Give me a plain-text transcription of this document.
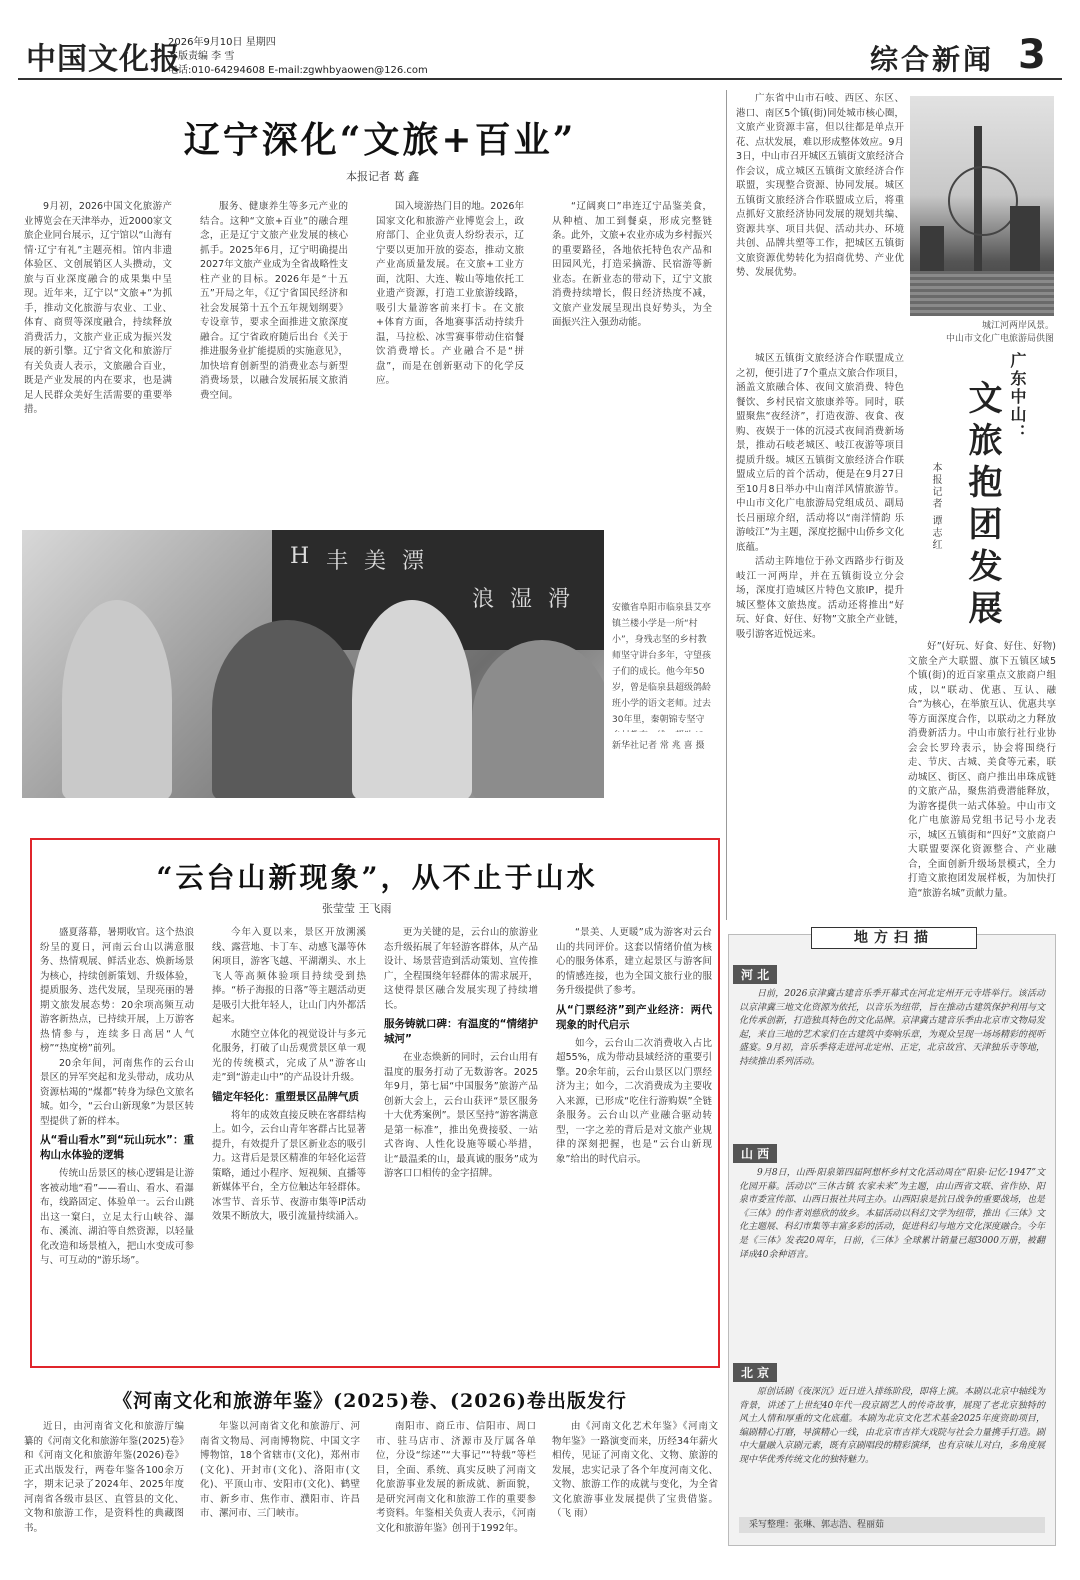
中国文化报
2026年9月10日 星期四
本版责编 李 雪
电话:010-64294608 E-mail:zgwhbyaowen@126.com	综合新闻 3
辽宁深化“文旅+百业”
本报记者 葛 鑫

9月初，2026中国文化旅游产业博览会在天津举办，近2000家文旅企业同台展示，辽宁馆以“山海有情·辽宁有礼”主题亮相。馆内非遗体验区、文创展销区人头攒动，文旅与百业深度融合的成果集中呈现。近年来，辽宁以“文旅+”为抓手，推动文化旅游与农业、工业、体育、商贸等深度融合，持续释放消费活力，文旅产业正成为振兴发展的新引擎。辽宁省文化和旅游厅有关负责人表示，文旅融合百业，既是产业发展的内在要求，也是满足人民群众美好生活需要的重要举措。

服务、健康养生等多元产业的结合。这种“文旅+百业”的融合理念，正是辽宁文旅产业发展的核心抓手。2025年6月，辽宁明确提出2027年文旅产业成为全省战略性支柱产业的目标。2026年是“十五五”开局之年，《辽宁省国民经济和社会发展第十五个五年规划纲要》专设章节，要求全面推进文旅深度融合。辽宁省政府随后出台《关于推进服务业扩能提质的实施意见》，加快培育创新型的消费业态与新型消费场景，以融合发展拓展文旅消费空间。

国入境游热门目的地。2026年国家文化和旅游产业博览会上，政府部门、企业负责人纷纷表示，辽宁要以更加开放的姿态，推动文旅产业高质量发展。在文旅+工业方面，沈阳、大连、鞍山等地依托工业遗产资源，打造工业旅游线路，吸引大量游客前来打卡。在文旅+体育方面，各地赛事活动持续升温，马拉松、冰雪赛事带动住宿餐饮消费增长。产业融合不是“拼盘”，而是在创新驱动下的化学反应。

“辽阔爽口”串连辽宁品鉴美食，从种植、加工到餐桌，形成完整链条。此外，文旅+农业亦成为乡村振兴的重要路径，各地依托特色农产品和田园风光，打造采摘游、民宿游等新业态。在新业态的带动下，辽宁文旅消费持续增长，假日经济热度不减，文旅产业发展呈现出良好势头，为全面振兴注入强劲动能。

H 丰 美 漂
浪 湿 滑	安徽省阜阳市临泉县艾亭镇兰楼小学是一所“村小”，身残志坚的乡村教师坚守讲台多年，守望孩子们的成长。他今年50岁，曾是临泉县超级鸽龄班小学的语文老师。过去30年里，秦朝锦专坚守
新华社记者 常 兆 喜 摄
“云台山新现象”，从不止于山水
张莹莹 王飞雨

盛夏落幕，暑期收官。这个热浪纷呈的夏日，河南云台山以满意服务、热情观展、鲜活业态、焕新场景为核心，持续创新策划、升级体验，提质服务、迭代发展，呈现亮丽的暑期文旅发展态势：20余项高频互动游客新热点，已持续开展，上万游客热情参与，连续多日高居“人气榜”“热度榜”前列。

20余年间，河南焦作的云台山景区的异军突起和龙头带动，成功从资源枯竭的“煤都”转身为绿色文旅名城。如今，“云台山新现象”为景区转型提供了新的样本。

从“看山看水”到“玩山玩水”：重构山水体验的逻辑

传统山岳景区的核心逻辑是让游客被动地“看”——看山、看水、看瀑布，线路固定、体验单一。云台山跳出这一窠臼，立足太行山峡谷、瀑布、溪流、湖泊等自然资源，以轻量化改造和场景植入，把山水变成可参与、可互动的“游乐场”。

今年入夏以来，景区开放溯溪线、露营地、卡丁车、动感飞瀑等休闲项目，游客飞越、平湖潮头、水上飞人等高频体验项目持续受到热捧。“桥子海报的日落”等主题活动更是吸引大批年轻人，让山门内外都活起来。

水随空立体化的视觉设计与多元化服务，打破了山岳观赏景区单一观光的传统模式，完成了从“游客山走”到“游走山中”的产品设计升级。

锚定年轻化：重塑景区品牌气质

将年的成效直接反映在客群结构上。如今，云台山青年客群占比显著提升，有效提升了景区新业态的吸引力。这背后是景区精准的年轻化运营策略，通过小程序、短视频、直播等新媒体平台，全方位触达年轻群体。冰雪节、音乐节、夜游市集等IP活动效果不断放大，吸引流量持续涌入。

更为关键的是，云台山的旅游业态升级拓展了年轻游客群体，从产品设计、场景营造到活动策划、宣传推广，全程围绕年轻群体的需求展开，这使得景区融合发展实现了持续增长。

服务铸就口碑：有温度的“情绪护城河”

在业态焕新的同时，云台山用有温度的服务打动了无数游客。2025年9月，第七届“中国服务”旅游产品创新大会上，云台山获评“景区服务十大优秀案例”。景区坚持“游客满意是第一标准”，推出免费接驳、一站式咨询、人性化设施等暖心举措，让“最温柔的山，最真诚的服务”成为游客口口相传的金字招牌。

“景美、人更暖”成为游客对云台山的共同评价。这套以情绪价值为核心的服务体系，建立起景区与游客间的情感连接，也为全国文旅行业的服务升级提供了参考。

从“门票经济”到产业经济：两代现象的时代启示

如今，云台山二次消费收入占比超55%，成为带动县域经济的重要引擎。20余年前，云台山景区以门票经济为主；如今，二次消费成为主要收入来源，已形成“吃住行游购娱”全链条服务。云台山以产业融合驱动转型，一字之差的背后是对文旅产业规律的深刻把握，也是“云台山新现象”给出的时代启示。

广东省中山市石岐、西区、东区、港口、南区5个镇(街)同处城市核心圈，文旅产业资源丰富，但以往都是单点开花、点状发展，难以形成整体效应。9月3日，中山市召开城区五镇街文旅经济合作会议，成立城区五镇街文旅经济合作联盟，实现整合资源、协同发展。城区五镇街文旅经济合作联盟成立后，将重点抓好文旅经济协同发展的规划共编、资源共享、项目共促、活动共办、环境共创、品牌共塑等工作，把城区五镇街文旅资源优势转化为招商优势、产业优势、发展优势。

城江河两岸风景。
中山市文化广电旅游局供图

城区五镇街文旅经济合作联盟成立之初，便引进了7个重点文旅合作项目，涵盖文旅融合体、夜间文旅消费、特色餐饮、乡村民宿文旅康养等。同时，联盟聚焦“夜经济”，打造夜游、夜食、夜购、夜娱于一体的沉浸式夜间消费新场景，推动石岐老城区、岐江夜游等项目提质升级。城区五镇街文旅经济合作联盟成立后的首个活动，便是在9月27日至10月8日举办中山南洋风情旅游节。中山市文化广电旅游局党组成员、副局长吕丽琼介绍，活动将以“南洋情韵 乐游岐江”为主题，深度挖掘中山侨乡文化底蕴。

活动主阵地位于孙文西路步行街及岐江一河两岸，并在五镇街设立分会场，深度打造城区片特色文旅IP，提升城区整体文旅热度。活动还将推出“好玩、好食、好住、好物”文旅全产业链，吸引游客近悦远来。

广东中山：
文旅抱团发展
本报记者 谭志红

好”(好玩、好食、好住、好物)文旅全产大联盟、旗下五镇区域5个镇(街)的近百家重点文旅商户组成，以“联动、优惠、互认、融合”为核心，在举旅互认、优惠共享等方面深度合作，以联动之力释放消费新活力。中山市旅行社行业协会会长罗玲表示，协会将围绕行走、节庆、古城、美食等元素，联动城区、街区、商户推出串珠成链的文旅产品，聚焦消费潜能释放，为游客提供一站式体验。中山市文化广电旅游局党组书记号小龙表示，城区五镇街和“四好”文旅商户大联盟要深化资源整合、产业融合，全面创新升级场景模式，全力打造文旅抱团发展样板，为加快打造“旅游名城”贡献力量。

地方扫描
河 北

日前，2026京津冀古建音乐季开幕式在河北定州开元寺塔举行。该活动以京津冀三地文化资源为依托，以音乐为纽带，旨在推动古建筑保护利用与文化传承创新，打造独具特色的文化品牌。京津冀古建音乐季由北京市文物局发起，来自三地的艺术家们在古建筑中奏响乐章，为观众呈现一场场精彩的视听盛宴。9月初，音乐季将走进河北定州、正定，北京故宫、天津独乐寺等地，持续推出系列活动。

山 西

9月8日，山西·阳泉第四届阿想杯乡村文化活动周在“阳泉·记忆·1947”文化园开幕。活动以“三休古镇 农家未来”为主题，由山西省文联、省作协、阳泉市委宣传部、山西日报社共同主办。山西阳泉是抗日战争的重要战场，也是《三体》的作者刘慈欣的故乡。本届活动以科幻文学为纽带，推出《三体》文化主题展、科幻市集等丰富多彩的活动，促进科幻与地方文化深度融合。今年是《三体》发表20周年，日前，《三体》全球累计销量已超3000万册，被翻译成40余种语言。

北 京

原创话剧《夜深沉》近日进入排练阶段，即将上演。本剧以北京中轴线为背景，讲述了上世纪40年代一段京剧艺人的传奇故事，展现了老北京独特的风土人情和厚重的文化底蕴。本剧为北京文化艺术基金2025年度资助项目，编剧精心打磨，导演精心一线，由北京市吉祥大戏院与社会力量携手打造。剧中大量融入京剧元素，既有京剧唱段的精彩演绎，也有京味儿对白，多角度展现中华优秀传统文化的独特魅力。

采写整理：张琳、郭志浩、程丽茹
《河南文化和旅游年鉴》(2025)卷、(2026)卷出版发行

近日，由河南省文化和旅游厅编纂的《河南文化和旅游年鉴(2025)卷》和《河南文化和旅游年鉴(2026)卷》正式出版发行，两卷年鉴各100余万字，期末记录了2024年、2025年度河南省各级市县区、直管县的文化、文物和旅游工作，是资料性的典藏图书。

年鉴以河南省文化和旅游厅、河南省文物局、河南博物院、中国文字博物馆，18个省辖市(文化)，郑州市(文化)、开封市(文化)、洛阳市(文化)、平顶山市、安阳市(文化)、鹤壁市、新乡市、焦作市、濮阳市、许昌市、漯河市、三门峡市。

南阳市、商丘市、信阳市、周口市、驻马店市、济源市及厅属各单位，分设“综述”“大事记”“特载”等栏目，全面、系统、真实反映了河南文化旅游事业发展的新成就、新面貌，是研究河南文化和旅游工作的重要参考资料。年鉴相关负责人表示，《河南文化和旅游年鉴》创刊于1992年。

由《河南文化艺术年鉴》《河南文物年鉴》一路演变而来，历经34年薪火相传，见证了河南文化、文物、旅游的发展，忠实记录了各个年度河南文化、文物、旅游工作的成就与变化，为全省文化旅游事业发展提供了宝贵借鉴。（飞 雨）
